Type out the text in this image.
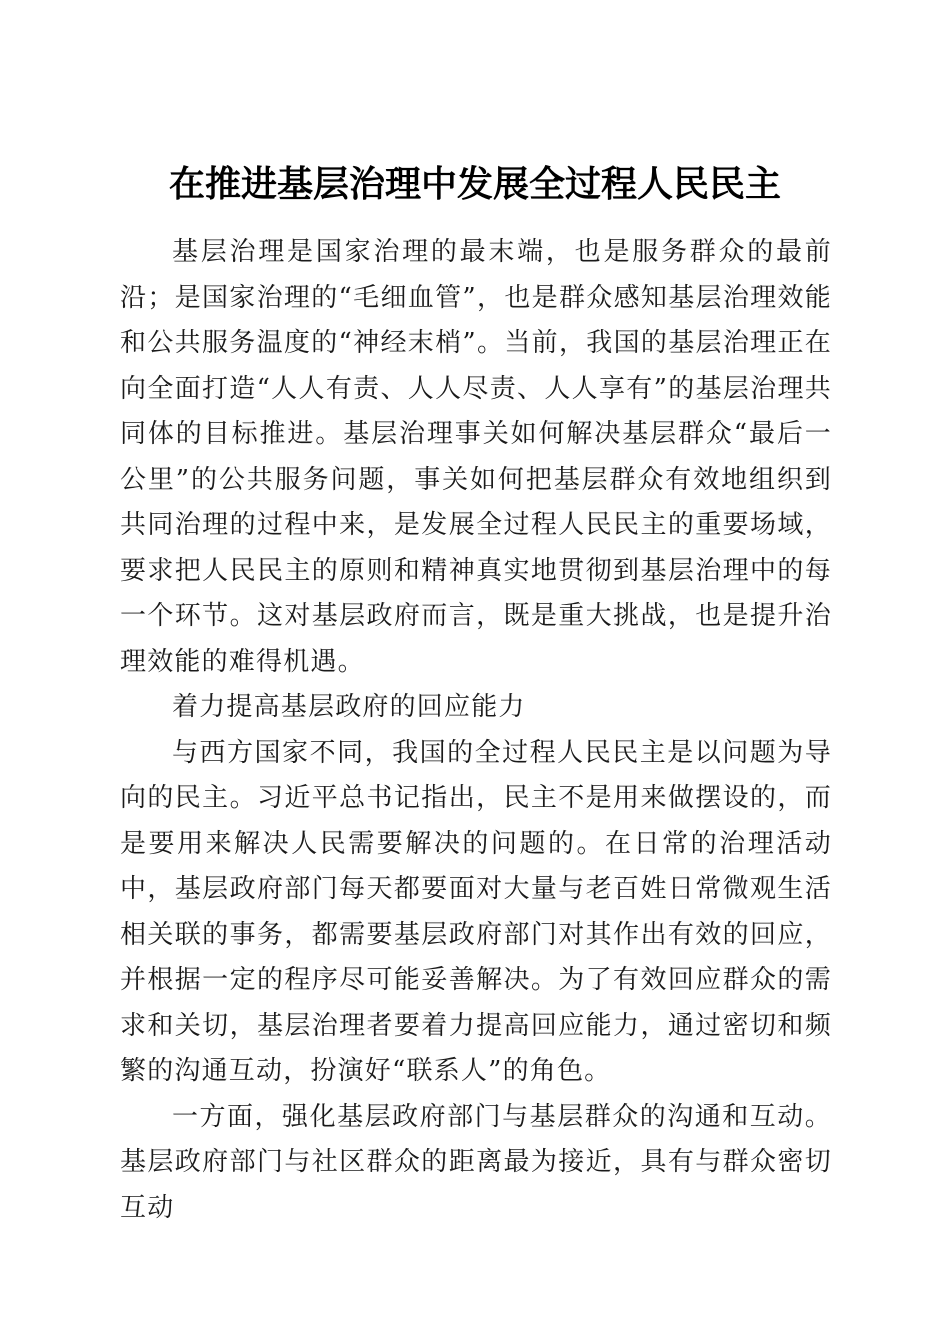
在推进基层治理中发展全过程人民民主

基层治理是国家治理的最末端，也是服务群众的最前沿；是国家治理的“毛细血管”，也是群众感知基层治理效能和公共服务温度的“神经末梢”。当前，我国的基层治理正在向全面打造“人人有责、人人尽责、人人享有”的基层治理共同体的目标推进。基层治理事关如何解决基层群众“最后一公里”的公共服务问题，事关如何把基层群众有效地组织到共同治理的过程中来，是发展全过程人民民主的重要场域，要求把人民民主的原则和精神真实地贯彻到基层治理中的每一个环节。这对基层政府而言，既是重大挑战，也是提升治理效能的难得机遇。

着力提高基层政府的回应能力

与西方国家不同，我国的全过程人民民主是以问题为导向的民主。习近平总书记指出，民主不是用来做摆设的，而是要用来解决人民需要解决的问题的。在日常的治理活动中，基层政府部门每天都要面对大量与老百姓日常微观生活相关联的事务，都需要基层政府部门对其作出有效的回应，并根据一定的程序尽可能妥善解决。为了有效回应群众的需求和关切，基层治理者要着力提高回应能力，通过密切和频繁的沟通互动，扮演好“联系人”的角色。

一方面，强化基层政府部门与基层群众的沟通和互动。基层政府部门与社区群众的距离最为接近，具有与群众密切互动
